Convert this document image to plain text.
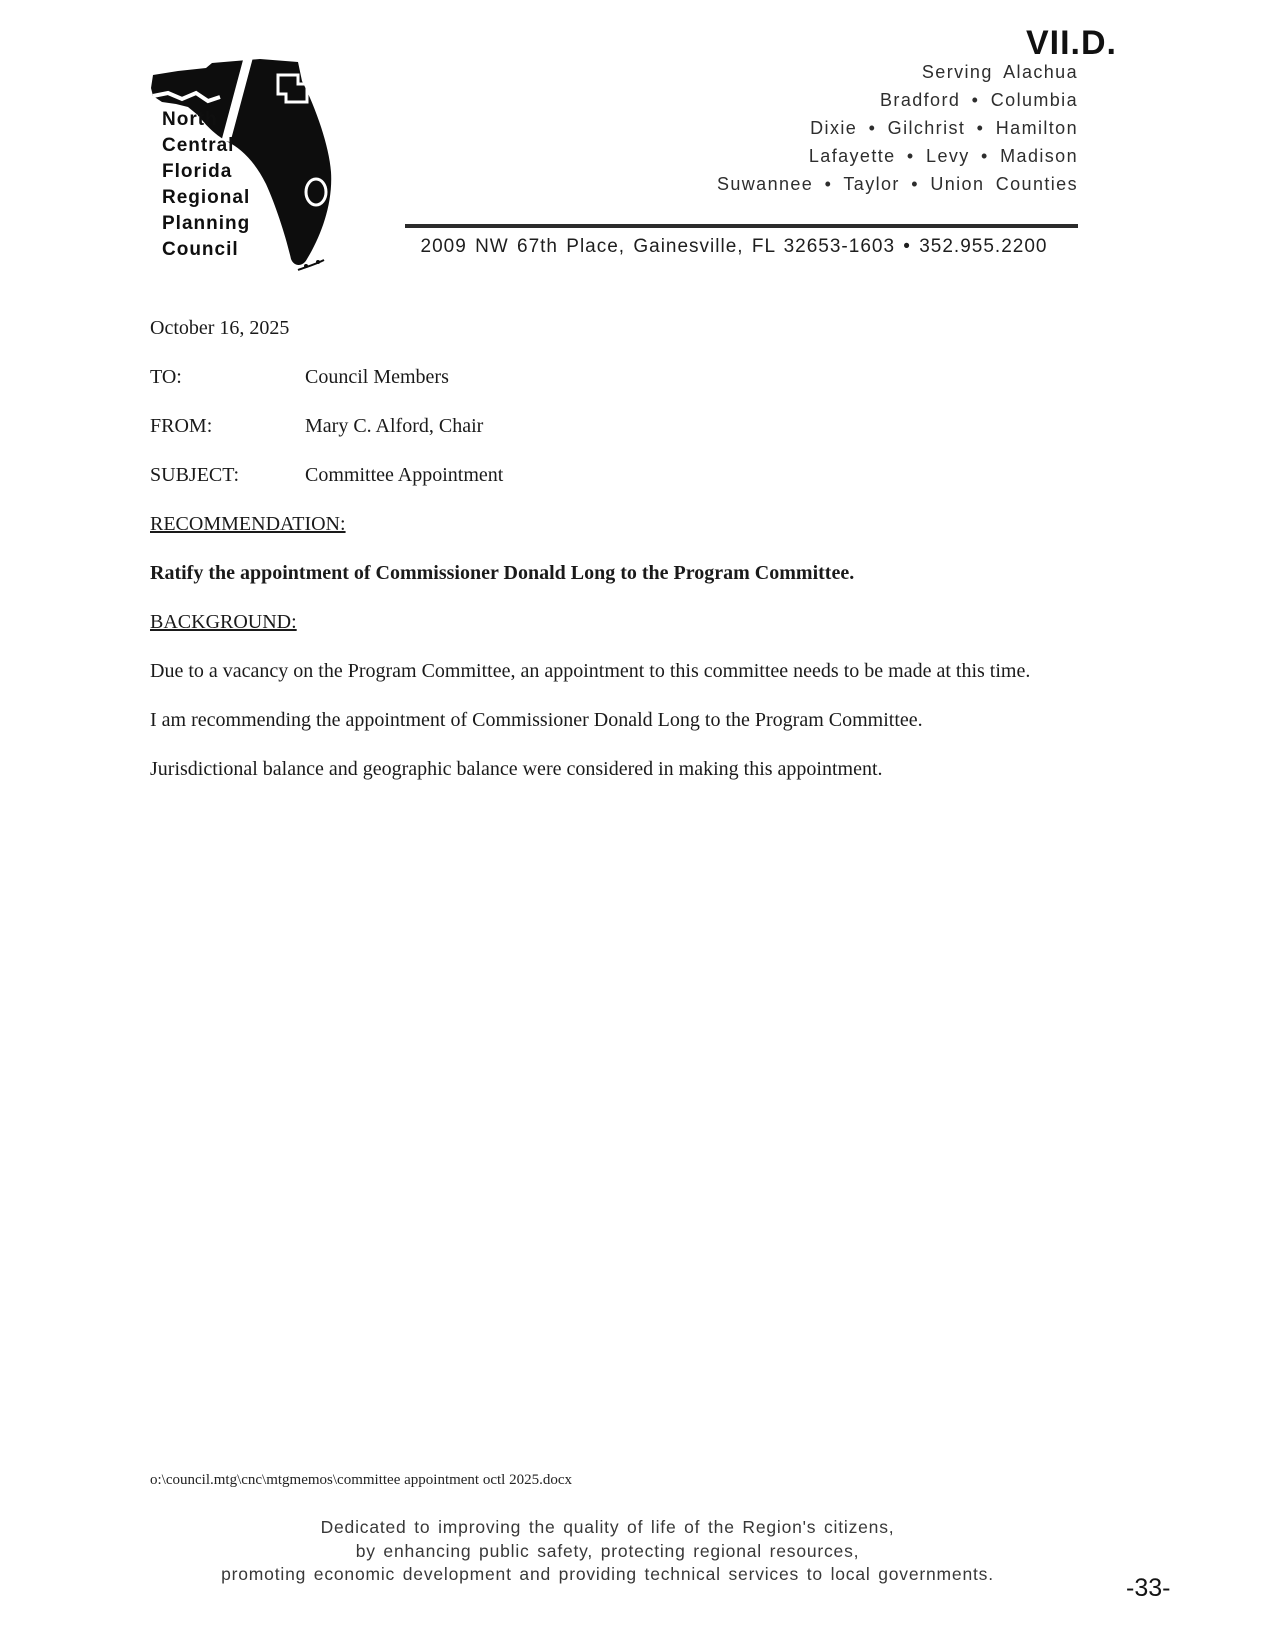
VII.D.
North
Central
Florida
Regional
Planning
Council
Serving Alachua
Bradford • Columbia
Dixie • Gilchrist • Hamilton
Lafayette • Levy • Madison
Suwannee • Taylor • Union Counties
2009 NW 67th Place, Gainesville, FL 32653-1603 • 352.955.2200
October 16, 2025
TO:	Council Members
FROM:	Mary C. Alford, Chair
SUBJECT:	Committee Appointment
RECOMMENDATION:
Ratify the appointment of Commissioner Donald Long to the Program Committee.
BACKGROUND:
Due to a vacancy on the Program Committee, an appointment to this committee needs to be made at this time.
I am recommending the appointment of Commissioner Donald Long to the Program Committee.
Jurisdictional balance and geographic balance were considered in making this appointment.
o:\council.mtg\cnc\mtgmemos\committee appointment octl 2025.docx
Dedicated to improving the quality of life of the Region's citizens,
by enhancing public safety, protecting regional resources,
promoting economic development and providing technical services to local governments.	-33-
